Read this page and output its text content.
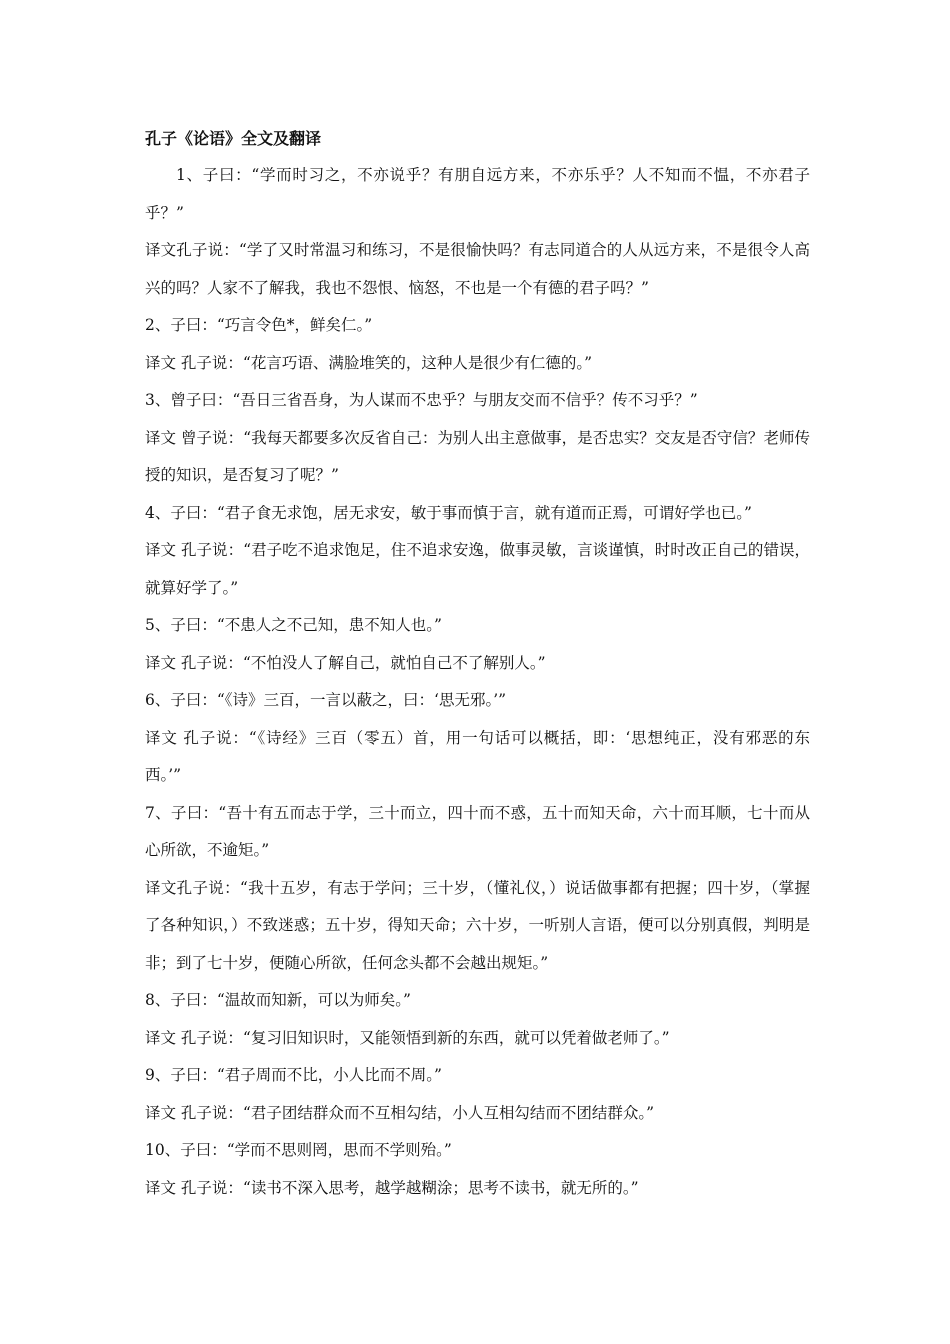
孔子《论语》全文及翻译

1、子曰：“学而时习之，不亦说乎？有朋自远方来，不亦乐乎？人不知而不愠，不亦君子乎？”

译文孔子说：“学了又时常温习和练习，不是很愉快吗？有志同道合的人从远方来，不是很令人高兴的吗？人家不了解我，我也不怨恨、恼怒，不也是一个有德的君子吗？”

2、子曰：“巧言令色*，鲜矣仁。”

译文 孔子说：“花言巧语、满脸堆笑的，这种人是很少有仁德的。”

3、曾子曰：“吾日三省吾身，为人谋而不忠乎？与朋友交而不信乎？传不习乎？”

译文 曾子说：“我每天都要多次反省自己：为别人出主意做事，是否忠实？交友是否守信？老师传授的知识，是否复习了呢？”

4、子曰：“君子食无求饱，居无求安，敏于事而慎于言，就有道而正焉，可谓好学也已。”

译文 孔子说：“君子吃不追求饱足，住不追求安逸，做事灵敏，言谈谨慎，时时改正自己的错误，就算好学了。”

5、子曰：“不患人之不己知，患不知人也。”

译文 孔子说：“不怕没人了解自己，就怕自己不了解别人。”

6、子曰：“《诗》三百，一言以蔽之，曰：‘思无邪。’”

译文 孔子说：“《诗经》三百（零五）首，用一句话可以概括，即：‘思想纯正，没有邪恶的东西。’”

7、子曰：“吾十有五而志于学，三十而立，四十而不惑，五十而知天命，六十而耳顺，七十而从心所欲，不逾矩。”

译文孔子说：“我十五岁，有志于学问；三十岁，（懂礼仪，）说话做事都有把握；四十岁，（掌握了各种知识，）不致迷惑；五十岁，得知天命；六十岁，一听别人言语，便可以分别真假，判明是非；到了七十岁，便随心所欲，任何念头都不会越出规矩。”

8、子曰：“温故而知新，可以为师矣。”

译文 孔子说：“复习旧知识时，又能领悟到新的东西，就可以凭着做老师了。”

9、子曰：“君子周而不比，小人比而不周。”

译文 孔子说：“君子团结群众而不互相勾结，小人互相勾结而不团结群众。”

10、子曰：“学而不思则罔，思而不学则殆。”

译文 孔子说：“读书不深入思考，越学越糊涂；思考不读书，就无所的。”
